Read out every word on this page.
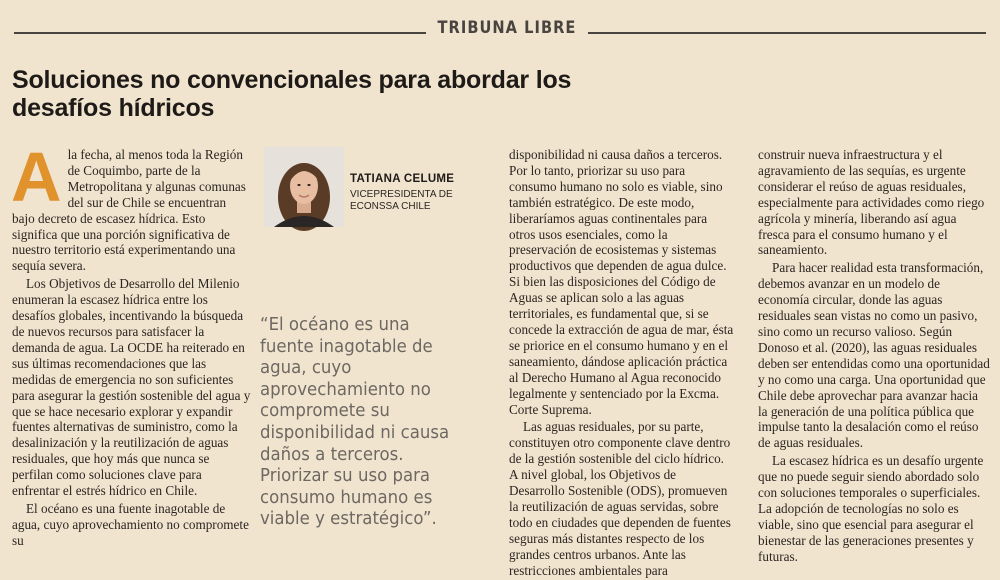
TRIBUNA LIBRE
Soluciones no convencionales para abordar los desafíos hídricos

Ala fecha, al menos toda la Región de Coquimbo, parte de la Metropolitana y algunas comunas del sur de Chile se encuentran bajo decreto de escasez hídrica. Esto significa que una porción significativa de nuestro territorio está experimentando una sequía severa.

Los Objetivos de Desarrollo del Milenio enumeran la escasez hídrica entre los desafíos globales, incentivando la búsqueda de nuevos recursos para satisfacer la demanda de agua. La OCDE ha reiterado en sus últimas recomendaciones que las medidas de emergencia no son suficientes para asegurar la gestión sostenible del agua y que se hace necesario explorar y expandir fuentes alternativas de suministro, como la desalinización y la reutilización de aguas residuales, que hoy más que nunca se perfilan como soluciones clave para enfrentar el estrés hídrico en Chile.

El océano es una fuente inagotable de agua, cuyo aprovechamiento no compromete su

TATIANA CELUME
VICEPRESIDENTA DE ECONSSA CHILE
“El océano es una fuente inagotable de agua, cuyo aprovechamiento no compromete su disponibilidad ni causa daños a terceros. Priorizar su uso para consumo humano es viable y estratégico”.

disponibilidad ni causa daños a terceros. Por lo tanto, priorizar su uso para consumo humano no solo es viable, sino también estratégico. De este modo, liberaríamos aguas continentales para otros usos esenciales, como la preservación de ecosistemas y sistemas productivos que dependen de agua dulce. Si bien las disposiciones del Código de Aguas se aplican solo a las aguas territoriales, es fundamental que, si se concede la extracción de agua de mar, ésta se priorice en el consumo humano y en el saneamiento, dándose aplicación práctica al Derecho Humano al Agua reconocido legalmente y sentenciado por la Excma. Corte Suprema.

Las aguas residuales, por su parte, constituyen otro componente clave dentro de la gestión sostenible del ciclo hídrico. A nivel global, los Objetivos de Desarrollo Sostenible (ODS), promueven la reutilización de aguas servidas, sobre todo en ciudades que dependen de fuentes seguras más distantes respecto de los grandes centros urbanos. Ante las restricciones ambientales para

construir nueva infraestructura y el agravamiento de las sequías, es urgente considerar el reúso de aguas residuales, especialmente para actividades como riego agrícola y minería, liberando así agua fresca para el consumo humano y el saneamiento.

Para hacer realidad esta transformación, debemos avanzar en un modelo de economía circular, donde las aguas residuales sean vistas no como un pasivo, sino como un recurso valioso. Según Donoso et al. (2020), las aguas residuales deben ser entendidas como una oportunidad y no como una carga. Una oportunidad que Chile debe aprovechar para avanzar hacia la generación de una política pública que impulse tanto la desalación como el reúso de aguas residuales.

La escasez hídrica es un desafío urgente que no puede seguir siendo abordado solo con soluciones temporales o superficiales. La adopción de tecnologías no solo es viable, sino que esencial para asegurar el bienestar de las generaciones presentes y futuras.
